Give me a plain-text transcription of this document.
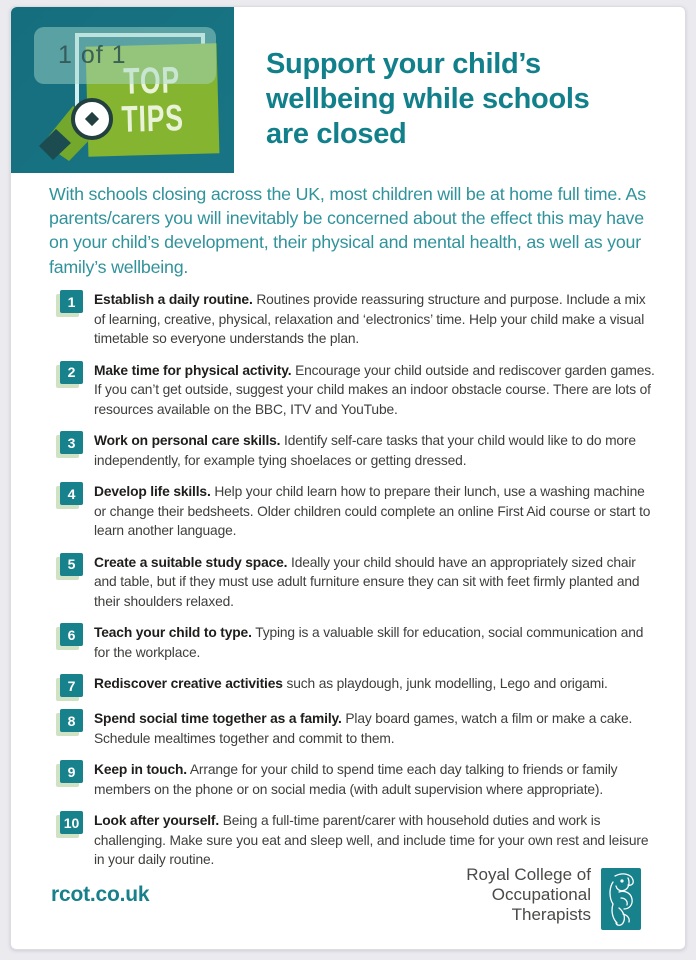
TOP
TIPS
1 of 1	Support your child’s
wellbeing while schools
are closed

With schools closing across the UK, most children will be at home full time. As parents/carers you will inevitably be concerned about the effect this may have on your child’s development, their physical and mental health, as well as your family’s wellbeing.

1	Establish a daily routine. Routines provide reassuring structure and purpose. Include a mix of learning, creative, physical, relaxation and ‘electronics’ time. Help your child make a visual timetable so everyone understands the plan.
2	Make time for physical activity. Encourage your child outside and rediscover garden games. If you can’t get outside, suggest your child makes an indoor obstacle course. There are lots of resources available on the BBC, ITV and YouTube.
3	Work on personal care skills. Identify self-care tasks that your child would like to do more independently, for example tying shoelaces or getting dressed.
4	Develop life skills. Help your child learn how to prepare their lunch, use a washing machine or change their bedsheets. Older children could complete an online First Aid course or start to learn another language.
5	Create a suitable study space. Ideally your child should have an appropriately sized chair and table, but if they must use adult furniture ensure they can sit with feet firmly planted and their shoulders relaxed.
6	Teach your child to type. Typing is a valuable skill for education, social communication and for the workplace.
7	Rediscover creative activities such as playdough, junk modelling, Lego and origami.
8	Spend social time together as a family. Play board games, watch a film or make a cake. Schedule mealtimes together and commit to them.
9	Keep in touch. Arrange for your child to spend time each day talking to friends or family members on the phone or on social media (with adult supervision where appropriate).
10 Look after yourself. Being a full-time parent/carer with household duties and work is challenging. Make sure you eat and sleep well, and include time for your own rest and leisure in your daily routine.
rcot.co.uk
Royal College of
Occupational
Therapists
